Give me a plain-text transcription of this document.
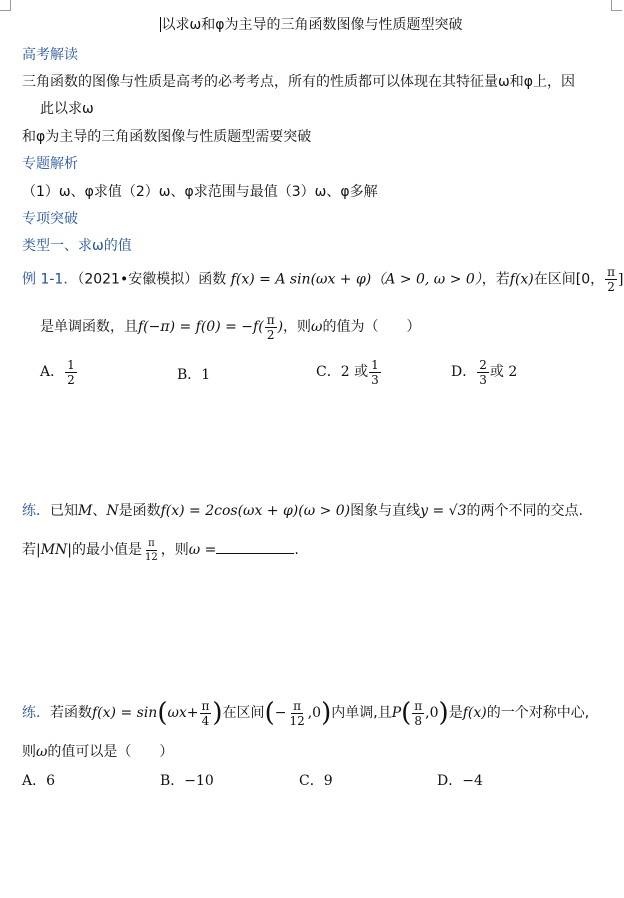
以求ω和φ为主导的三角函数图像与性质题型突破
高考解读
三角函数的图像与性质是高考的必考考点，所有的性质都可以体现在其特征量ω和φ上，因
此以求ω
和φ为主导的三角函数图像与性质题型需要突破
专题解析
（1）ω、φ求值（2）ω、φ求范围与最值（3）ω、φ多解
专项突破
类型一、求ω的值
例 1-1．（2021•安徽模拟）函数 f(x) = A sin(ωx + φ)（A > 0, ω > 0），若f(x)在区间[0， $\frac{\pi}{2}$ ]
是单调函数，且$f(-\pi) = f(0) = -f( \frac{\pi}{2}$ )，则ω的值为（　　）
A． $\frac{1}{2}$	B．1	C．2 或 $\frac{1}{3}$	D． $\frac{2}{3}$ 或 2
练．已知M、N是函数f(x) = 2cos(ωx + φ)(ω > 0)图象与直线y = √3的两个不同的交点.
若|MN|的最小值是 $\frac{\pi}{12}$ ，则ω =	.
练．若函数$f(x) = \sin(\omega x+ \frac{\pi}{4}$ )在区间(− $\frac{\pi}{12} ,0$)内单调,且$P( \frac{\pi}{8} ,0)$是f(x)的一个对称中心,
则ω的值可以是（　　）
A．6	B．−10	C．9	D．−4
